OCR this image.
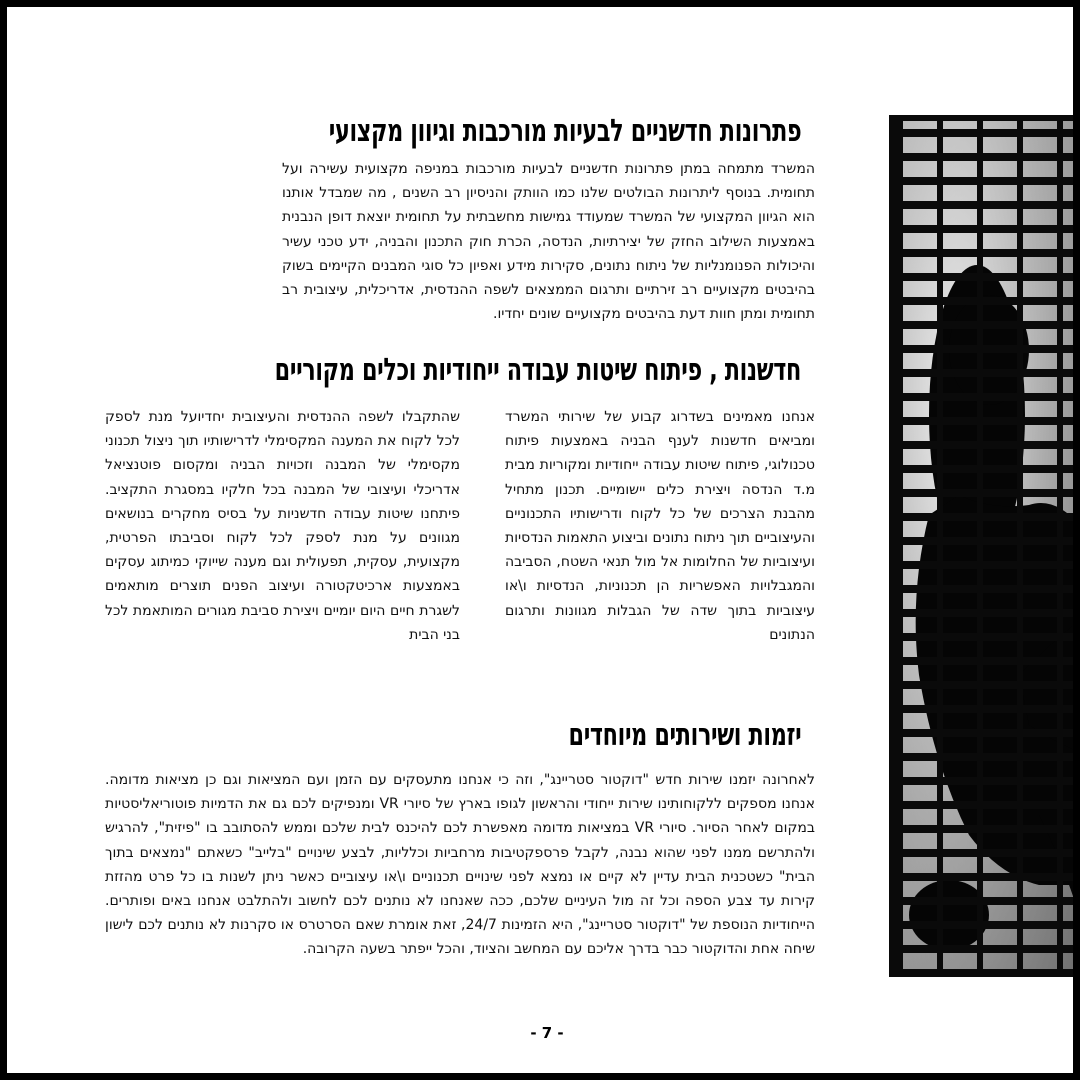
פתרונות חדשניים לבעיות מורכבות וגיוון מקצועי

המשרד מתמחה במתן פתרונות חדשניים לבעיות מורכבות במניפה מקצועית עשירה ועל תחומית. בנוסף ליתרונות הבולטים שלנו כמו הוותק והניסיון רב השנים , מה שמבדל אותנו הוא הגיוון המקצועי של המשרד שמעודד גמישות מחשבתית על תחומית יוצאת דופן הנבנית באמצעות השילוב החזק של יצירתיות, הנדסה, הכרת חוק התכנון והבניה, ידע טכני עשיר והיכולות הפנומנליות של ניתוח נתונים, סקירות מידע ואפיון כל סוגי המבנים הקיימים בשוק בהיבטים מקצועיים רב זירתיים ותרגום הממצאים לשפה ההנדסית, אדריכלית, עיצובית רב תחומית ומתן חוות דעת בהיבטים מקצועיים שונים יחדיו.

חדשנות , פיתוח שיטות עבודה ייחודיות וכלים מקוריים

אנחנו מאמינים בשדרוג קבוע של שירותי המשרד ומביאים חדשנות לענף הבניה באמצעות פיתוח טכנולוגי, פיתוח שיטות עבודה ייחודיות ומקוריות מבית מ.ד הנדסה ויצירת כלים יישומיים. תכנון מתחיל מהבנת הצרכים של כל לקוח ודרישותיו התכנוניים והעיצוביים תוך ניתוח נתונים וביצוע התאמות הנדסיות ועיצוביות של החלומות אל מול תנאי השטח, הסביבה והמגבלויות האפשריות הן תכנוניות, הנדסיות ו\או עיצוביות בתוך שדה של הגבלות מגוונות ותרגום הנתונים

שהתקבלו לשפה ההנדסית והעיצובית יחדיועל מנת לספק לכל לקוח את המענה המקסימלי לדרישותיו תוך ניצול תכנוני מקסימלי של המבנה וזכויות הבניה ומקסום פוטנציאל אדריכלי ועיצובי של המבנה בכל חלקיו במסגרת התקציב. פיתחנו שיטות עבודה חדשניות על בסיס מחקרים בנושאים מגוונים על מנת לספק לכל לקוח וסביבתו הפרטית, מקצועית, עסקית, תפעולית וגם מענה שייוקי כמיתוג עסקים באמצעות ארכיטקטורה ועיצוב הפנים תוצרים מותאמים לשגרת חיים היום יומיים ויצירת סביבת מגורים המותאמת לכל בני הבית

יזמות ושירותים מיוחדים

לאחרונה יזמנו שירות חדש "דוקטור סטריינג", וזה כי אנחנו מתעסקים עם הזמן ועם המציאות וגם כן מציאות מדומה. אנחנו מספקים ללקוחותינו שירות ייחודי והראשון לגופו בארץ של סיורי VR ומנפיקים לכם גם את הדמיות פוטוריאליסטיות במקום לאחר הסיור. סיורי VR במציאות מדומה מאפשרת לכם להיכנס לבית שלכם וממש להסתובב בו "פיזית", להרגיש ולהתרשם ממנו לפני שהוא נבנה, לקבל פרספקטיבות מרחביות וכלליות, לבצע שינויים "בלייב" כשאתם "נמצאים בתוך הבית" כשטכנית הבית עדיין לא קיים או נמצא לפני שינויים תכנוניים ו\או עיצוביים כאשר ניתן לשנות בו כל פרט מהזזת קירות עד צבע הספה וכל זה מול העיניים שלכם, ככה שאנחנו לא נותנים לכם לחשוב ולהתלבט אנחנו באים ופותרים. הייחודיות הנוספת של "דוקטור סטריינג", היא הזמינות 24/7, זאת אומרת שאם הסרטרס או סקרנות לא נותנים לכם לישון שיחה אחת והדוקטור כבר בדרך אליכם עם המחשב והציוד, והכל ייפתר בשעה הקרובה.

- 7 -
